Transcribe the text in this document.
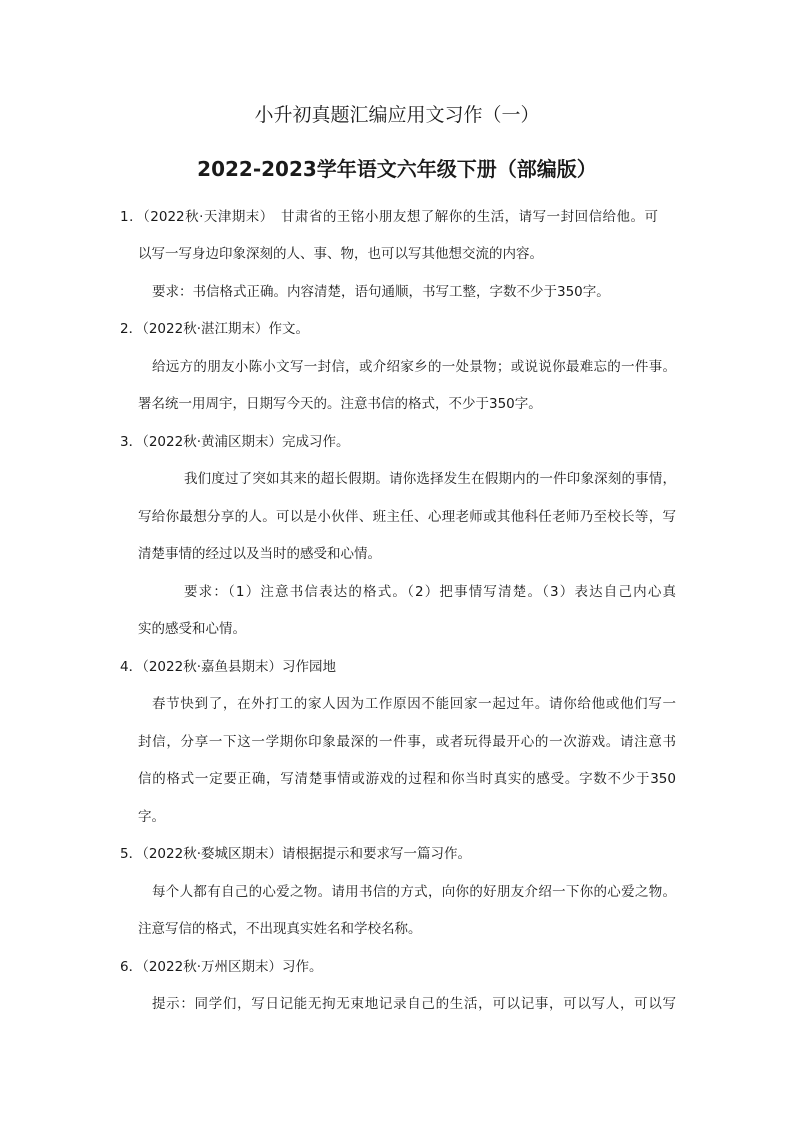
小升初真题汇编应用文习作（一）
2022-2023学年语文六年级下册（部编版）
1．（2022秋·天津期末）　甘肃省的王铭小朋友想了解你的生活，请写一封回信给他。可
以写一写身边印象深刻的人、事、物，也可以写其他想交流的内容。
要求：书信格式正确。内容清楚，语句通顺，书写工整，字数不少于350字。
2．（2022秋·湛江期末）作文。
给远方的朋友小陈小文写一封信，或介绍家乡的一处景物；或说说你最难忘的一件事。
署名统一用周宇，日期写今天的。注意书信的格式，不少于350字。
3．（2022秋·黄浦区期末）完成习作。
我们度过了突如其来的超长假期。请你选择发生在假期内的一件印象深刻的事情，
写给你最想分享的人。可以是小伙伴、班主任、心理老师或其他科任老师乃至校长等，写
清楚事情的经过以及当时的感受和心情。
要求：（1）注意书信表达的格式。（2）把事情写清楚。（3）表达自己内心真
实的感受和心情。
4．（2022秋·嘉鱼县期末）习作园地
春节快到了，在外打工的家人因为工作原因不能回家一起过年。请你给他或他们写一
封信，分享一下这一学期你印象最深的一件事，或者玩得最开心的一次游戏。请注意书
信的格式一定要正确，写清楚事情或游戏的过程和你当时真实的感受。字数不少于350
字。
5．（2022秋·婺城区期末）请根据提示和要求写一篇习作。
每个人都有自己的心爱之物。请用书信的方式，向你的好朋友介绍一下你的心爱之物。
注意写信的格式，不出现真实姓名和学校名称。
6．（2022秋·万州区期末）习作。
提示：同学们，写日记能无拘无束地记录自己的生活，可以记事，可以写人，可以写
